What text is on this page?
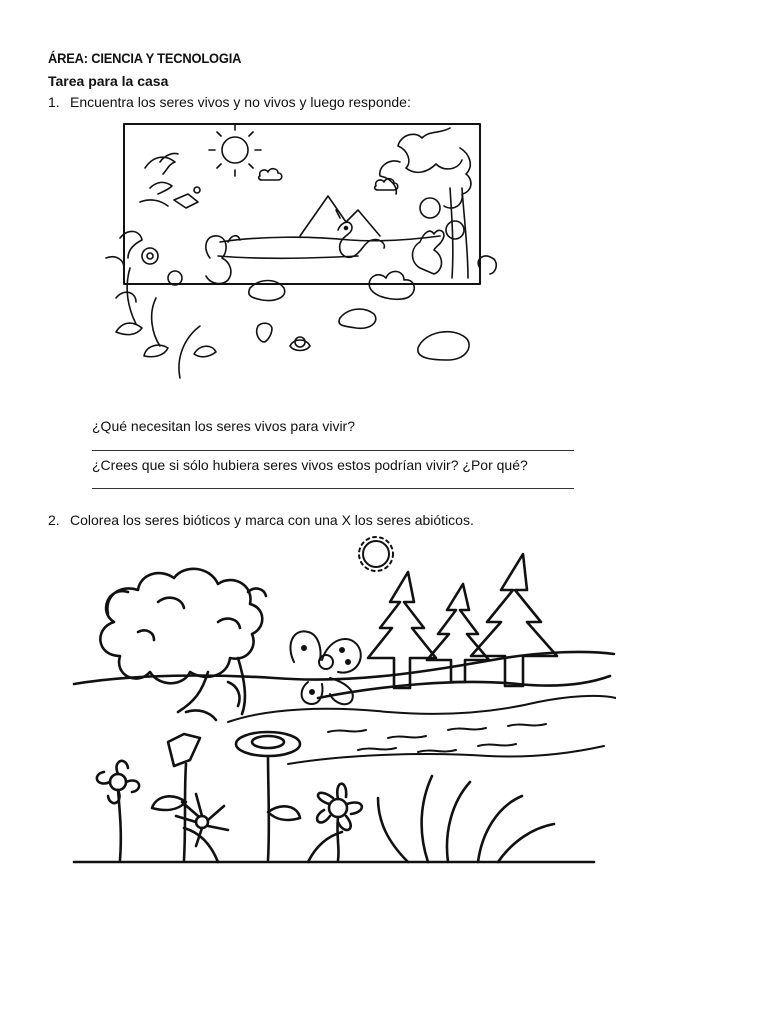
ÁREA: CIENCIA Y TECNOLOGIA
Tarea para la casa
1. Encuentra los seres vivos y no vivos y luego responde:
¿Qué necesitan los seres vivos para vivir?
¿Crees que si sólo hubiera seres vivos estos podrían vivir? ¿Por qué?
2. Colorea los seres bióticos y marca con una X los seres abióticos.
